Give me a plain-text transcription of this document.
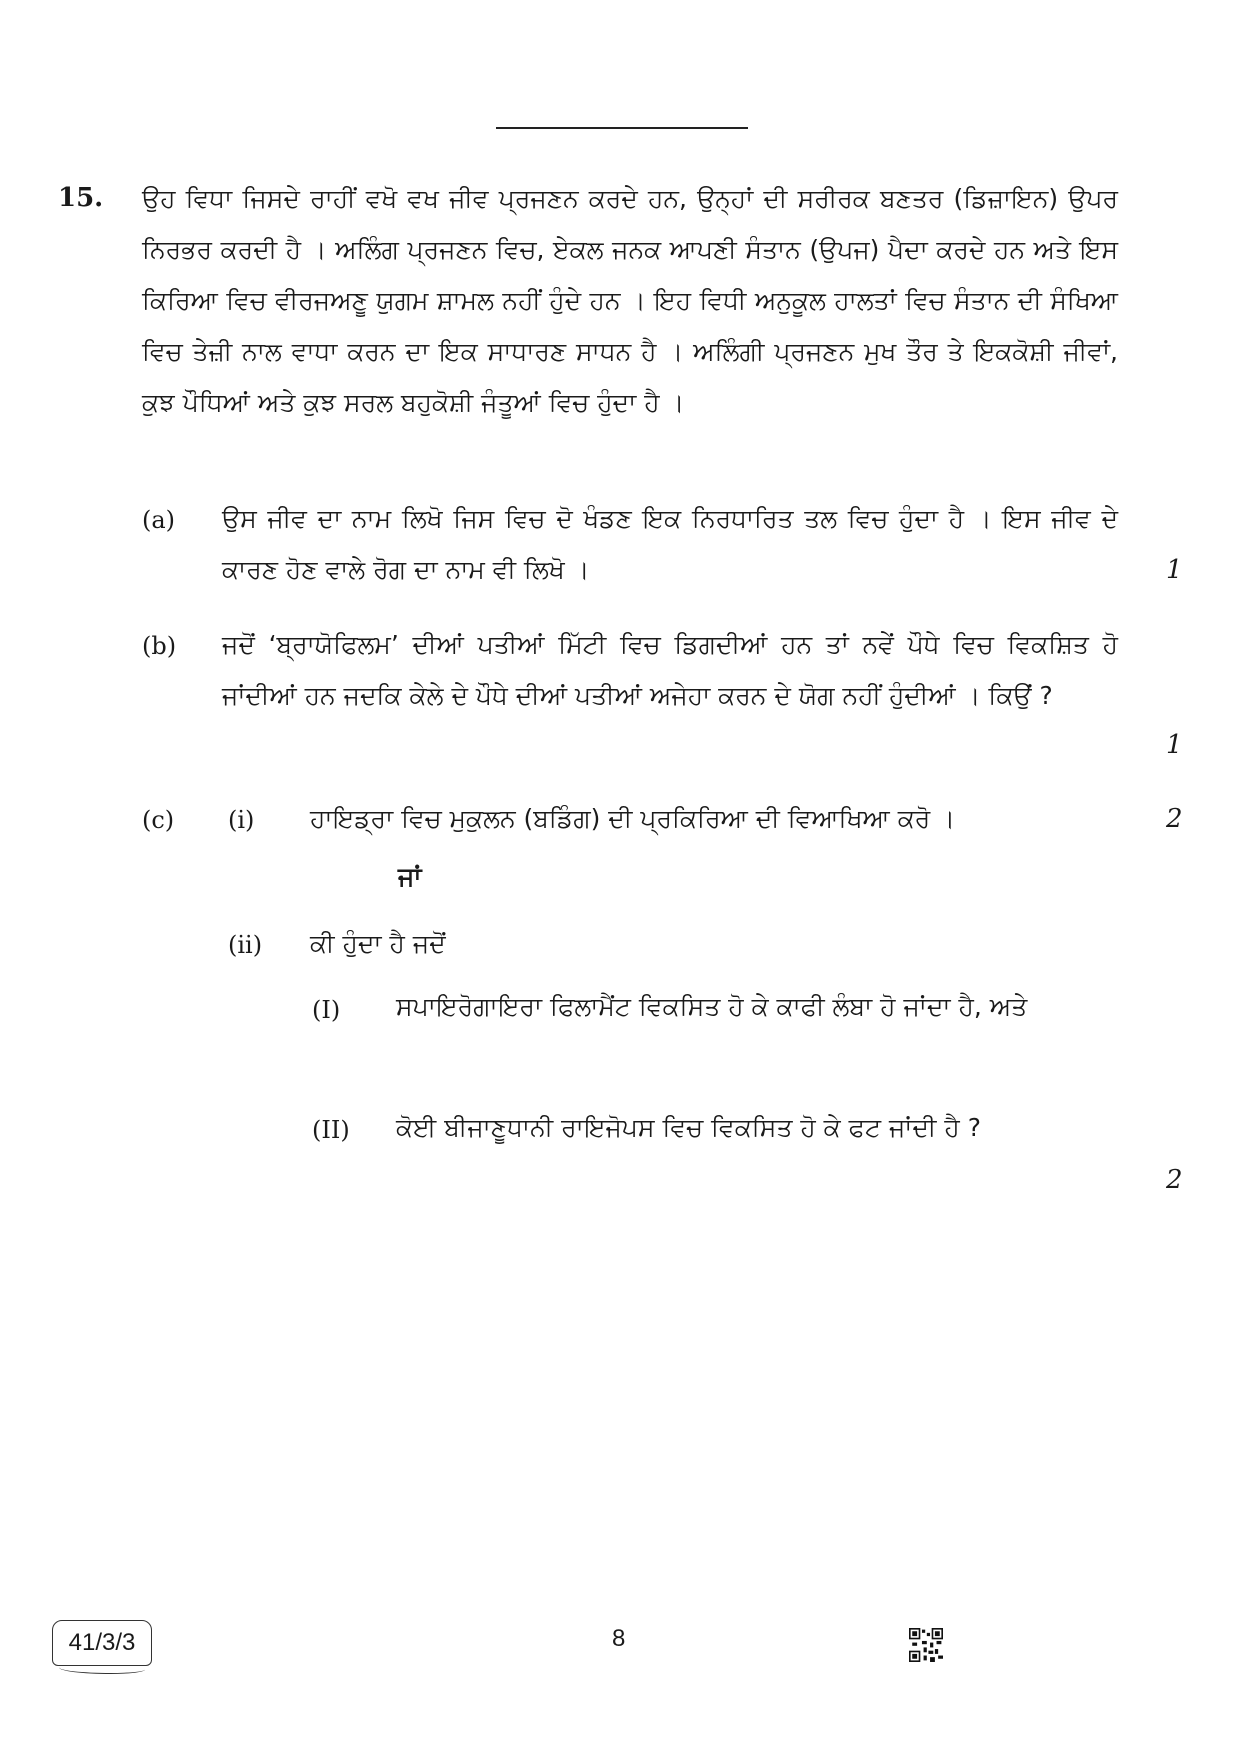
15. ਉਹ ਵਿਧਾ ਜਿਸਦੇ ਰਾਹੀਂ ਵਖੋ ਵਖ ਜੀਵ ਪ੍ਰਜਣਨ ਕਰਦੇ ਹਨ, ਉਨ੍ਹਾਂ ਦੀ ਸਰੀਰਕ ਬਣਤਰ (ਡਿਜ਼ਾਇਨ) ਉਪਰ ਨਿਰਭਰ ਕਰਦੀ ਹੈ । ਅਲਿੰਗ ਪ੍ਰਜਣਨ ਵਿਚ, ਏਕਲ ਜਨਕ ਆਪਣੀ ਸੰਤਾਨ (ਉਪਜ) ਪੈਦਾ ਕਰਦੇ ਹਨ ਅਤੇ ਇਸ ਕਿਰਿਆ ਵਿਚ ਵੀਰਜਅਣੂ ਯੁਗਮ ਸ਼ਾਮਲ ਨਹੀਂ ਹੁੰਦੇ ਹਨ । ਇਹ ਵਿਧੀ ਅਨੁਕੂਲ ਹਾਲਤਾਂ ਵਿਚ ਸੰਤਾਨ ਦੀ ਸੰਖਿਆ ਵਿਚ ਤੇਜ਼ੀ ਨਾਲ ਵਾਧਾ ਕਰਨ ਦਾ ਇਕ ਸਾਧਾਰਣ ਸਾਧਨ ਹੈ । ਅਲਿੰਗੀ ਪ੍ਰਜਣਨ ਮੁਖ ਤੌਰ ਤੇ ਇਕਕੋਸ਼ੀ ਜੀਵਾਂ, ਕੁਝ ਪੌਧਿਆਂ ਅਤੇ ਕੁਝ ਸਰਲ ਬਹੁਕੋਸ਼ੀ ਜੰਤੂਆਂ ਵਿਚ ਹੁੰਦਾ ਹੈ ।
(a) ਉਸ ਜੀਵ ਦਾ ਨਾਮ ਲਿਖੋ ਜਿਸ ਵਿਚ ਦੋ ਖੰਡਣ ਇਕ ਨਿਰਧਾਰਿਤ ਤਲ ਵਿਚ ਹੁੰਦਾ ਹੈ । ਇਸ ਜੀਵ ਦੇ ਕਾਰਣ ਹੋਣ ਵਾਲੇ ਰੋਗ ਦਾ ਨਾਮ ਵੀ ਲਿਖੋ ।	1
(b) ਜਦੋਂ ‘ਬ੍ਰਾਯੋਫਿਲਮ’ ਦੀਆਂ ਪਤੀਆਂ ਮਿੱਟੀ ਵਿਚ ਡਿਗਦੀਆਂ ਹਨ ਤਾਂ ਨਵੇਂ ਪੌਧੇ ਵਿਚ ਵਿਕਸ਼ਿਤ ਹੋ ਜਾਂਦੀਆਂ ਹਨ ਜਦਕਿ ਕੇਲੇ ਦੇ ਪੌਧੇ ਦੀਆਂ ਪਤੀਆਂ ਅਜੇਹਾ ਕਰਨ ਦੇ ਯੋਗ ਨਹੀਂ ਹੁੰਦੀਆਂ । ਕਿਉਂ ?
1
(c) (i) ਹਾਇਡ੍ਰਾ ਵਿਚ ਮੁਕੁਲਨ (ਬਡਿੰਗ) ਦੀ ਪ੍ਰਕਿਰਿਆ ਦੀ ਵਿਆਖਿਆ ਕਰੋ ।	2
ਜਾਂ
(ii) ਕੀ ਹੁੰਦਾ ਹੈ ਜਦੋਂ
(I) ਸਪਾਇਰੋਗਾਇਰਾ ਫਿਲਾਮੈਂਟ ਵਿਕਸਿਤ ਹੋ ਕੇ ਕਾਫੀ ਲੰਬਾ ਹੋ ਜਾਂਦਾ ਹੈ, ਅਤੇ
(II) ਕੋਈ ਬੀਜਾਣੂਧਾਨੀ ਰਾਇਜੋਪਸ ਵਿਚ ਵਿਕਸਿਤ ਹੋ ਕੇ ਫਟ ਜਾਂਦੀ ਹੈ ?
2
41/3/3	8
